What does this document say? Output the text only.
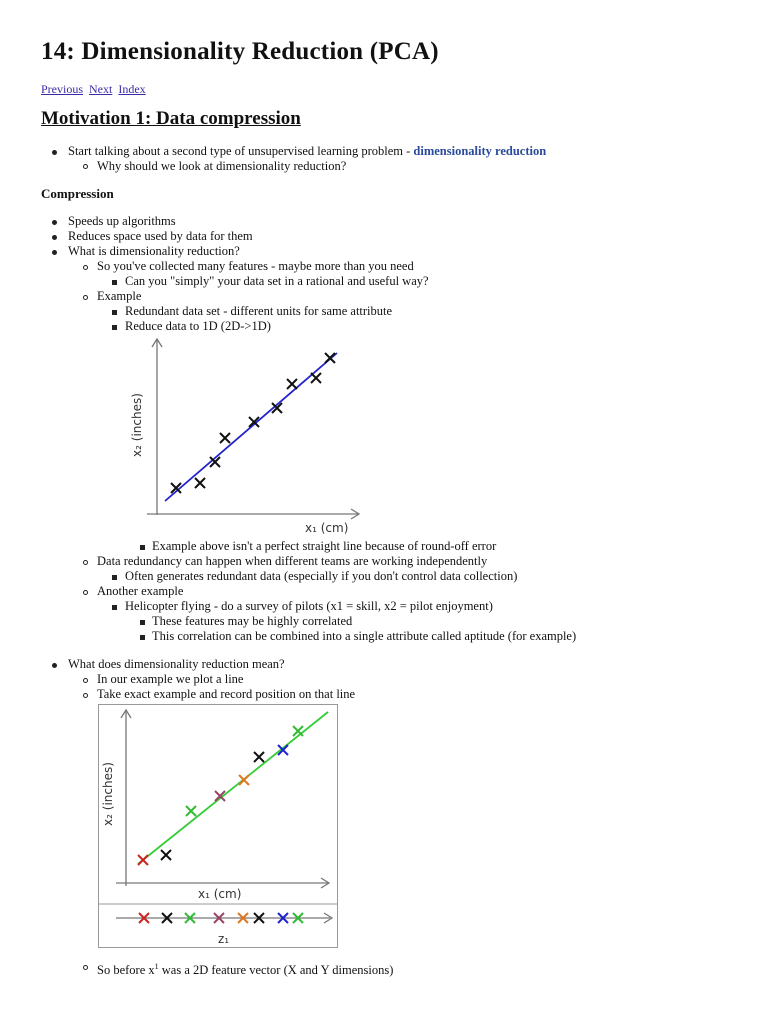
14: Dimensionality Reduction (PCA)
Previous Next Index
Motivation 1: Data compression
Start talking about a second type of unsupervised learning problem - dimensionality reduction
Why should we look at dimensionality reduction?
Compression
Speeds up algorithms
Reduces space used by data for them
What is dimensionality reduction?
So you've collected many features - maybe more than you need
Can you "simply" your data set in a rational and useful way?
Example
Redundant data set - different units for same attribute
Reduce data to 1D (2D->1D)
x₁ (cm)
x₂ (inches)
Example above isn't a perfect straight line because of round-off error
Data redundancy can happen when different teams are working independently
Often generates redundant data (especially if you don't control data collection)
Another example
Helicopter flying - do a survey of pilots (x1 = skill, x2 = pilot enjoyment)
These features may be highly correlated
This correlation can be combined into a single attribute called aptitude (for example)
What does dimensionality reduction mean?
In our example we plot a line
Take exact example and record position on that line
x₁ (cm)
x₂ (inches)
z₁
So before $x^1$ was a 2D feature vector (X and Y dimensions)
